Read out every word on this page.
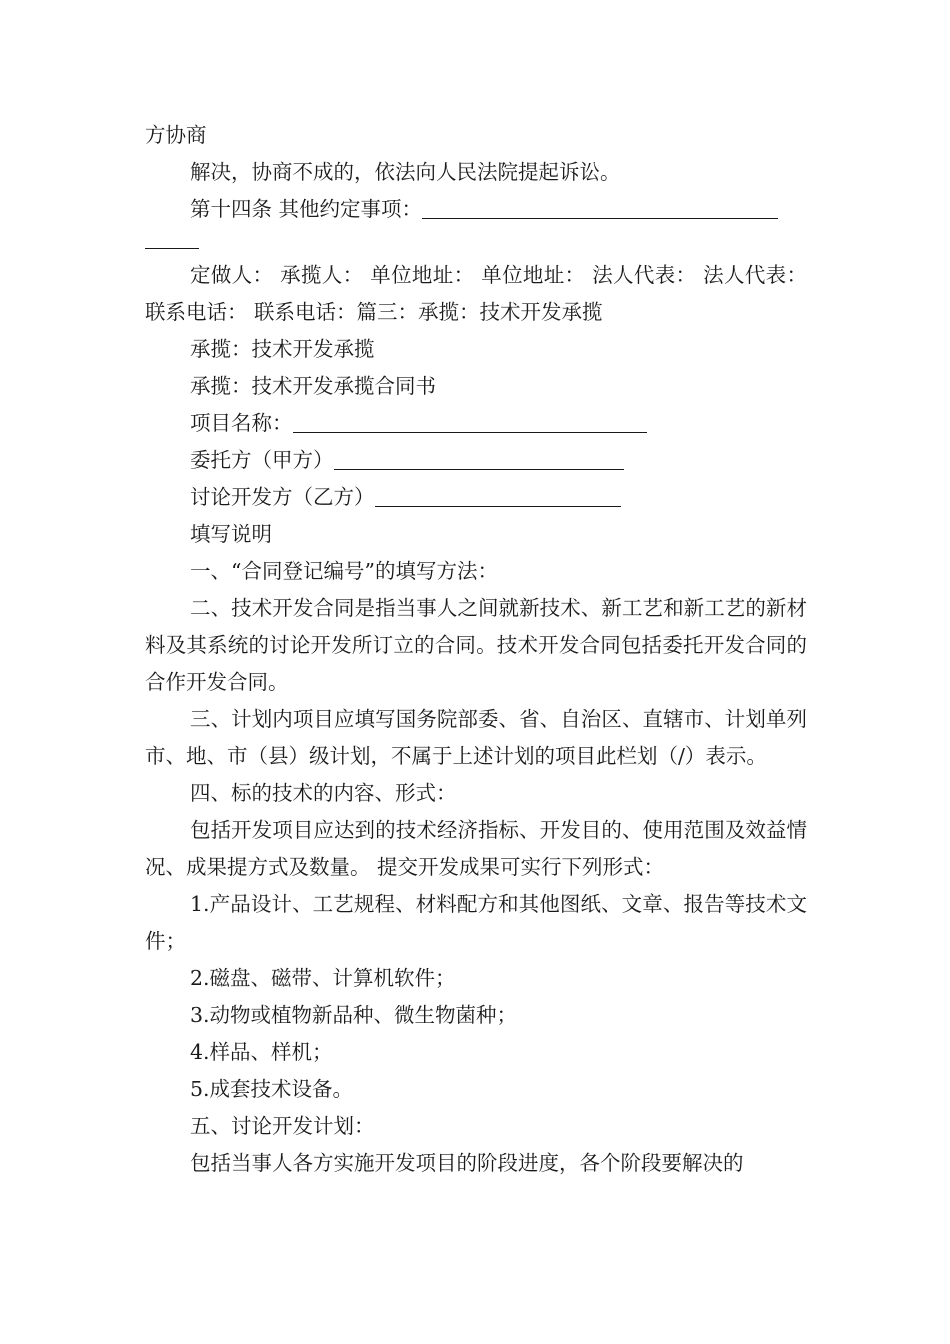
方协商

解决，协商不成的，依法向人民法院提起诉讼。

第十四条 其他约定事项：

定做人： 承揽人： 单位地址： 单位地址： 法人代表： 法人代表： 联系电话： 联系电话：篇三：承揽：技术开发承揽

承揽：技术开发承揽

承揽：技术开发承揽合同书

项目名称：

委托方（甲方）

讨论开发方（乙方）

填写说明

一、“合同登记编号”的填写方法：

二、技术开发合同是指当事人之间就新技术、新工艺和新工艺的新材料及其系统的讨论开发所订立的合同。技术开发合同包括委托开发合同的合作开发合同。

三、计划内项目应填写国务院部委、省、自治区、直辖市、计划单列市、地、市（县）级计划，不属于上述计划的项目此栏划（/）表示。

四、标的技术的内容、形式：

包括开发项目应达到的技术经济指标、开发目的、使用范围及效益情况、成果提方式及数量。 提交开发成果可实行下列形式：

1.产品设计、工艺规程、材料配方和其他图纸、文章、报告等技术文件；

2.磁盘、磁带、计算机软件；

3.动物或植物新品种、微生物菌种；

4.样品、样机；

5.成套技术设备。

五、讨论开发计划：

包括当事人各方实施开发项目的阶段进度，各个阶段要解决的
